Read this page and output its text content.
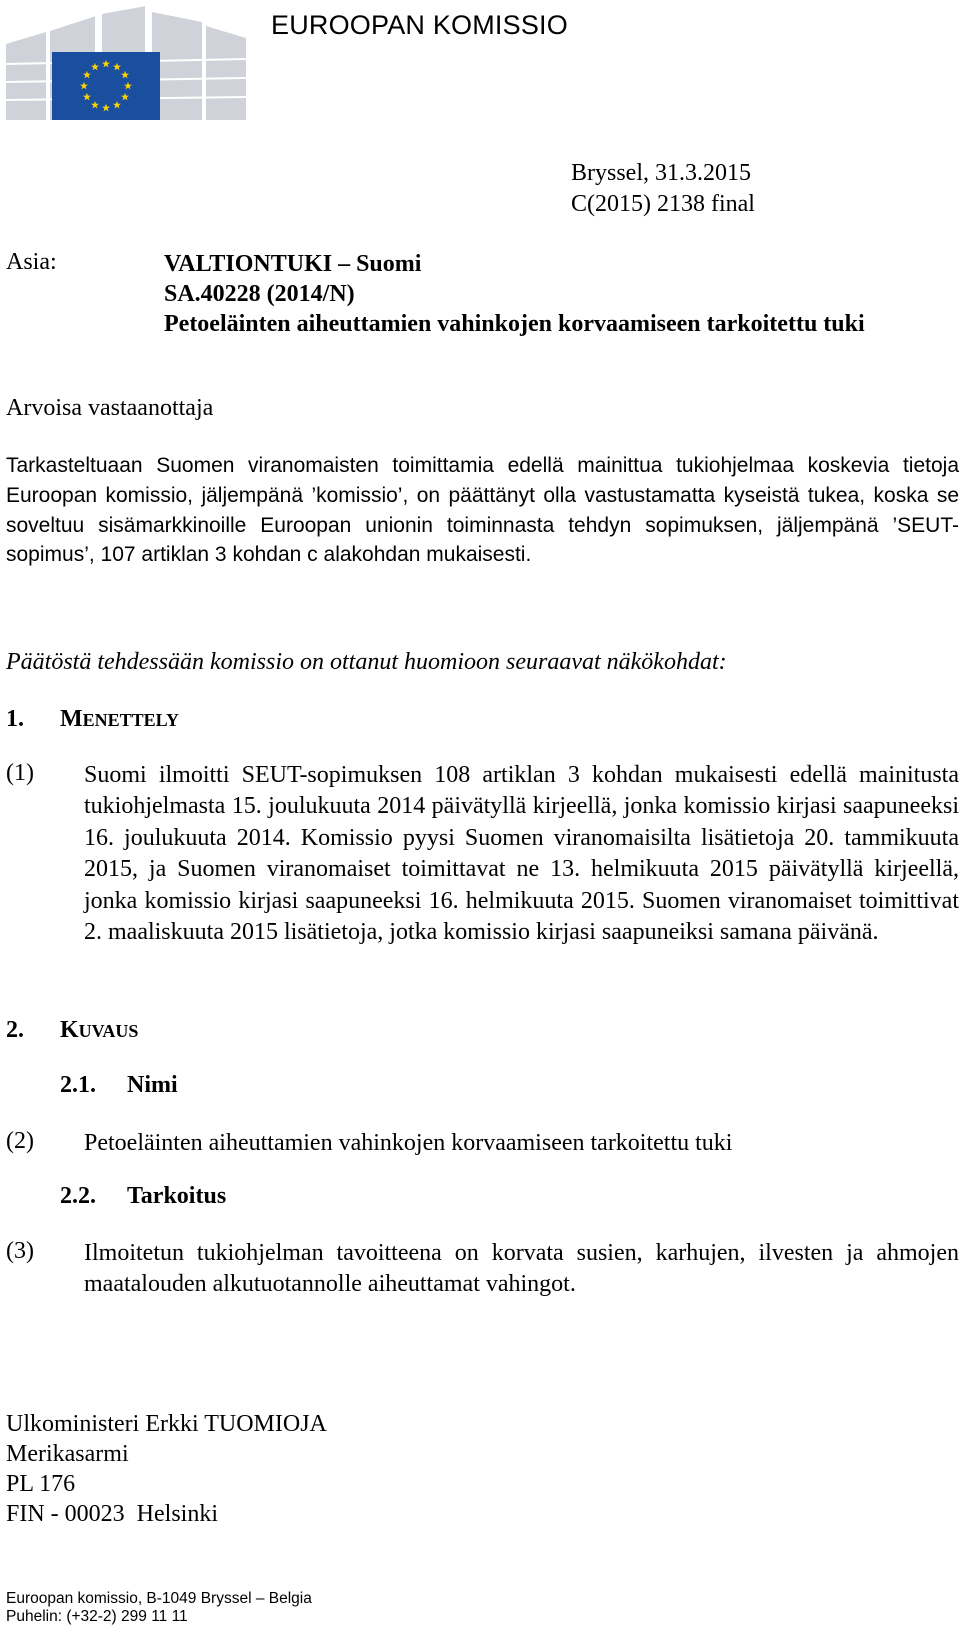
EUROOPAN KOMISSIO
Bryssel, 31.3.2015
C(2015) 2138 final
Asia:	VALTIONTUKI – Suomi
SA.40228 (2014/N)
Petoeläinten aiheuttamien vahinkojen korvaamiseen tarkoitettu tuki
Arvoisa vastaanottaja
Tarkasteltuaan Suomen viranomaisten toimittamia edellä mainittua tukiohjelmaa koskevia tietoja Euroopan komissio, jäljempänä ’komissio’, on päättänyt olla vastustamatta kyseistä tukea, koska se soveltuu sisämarkkinoille Euroopan unionin toiminnasta tehdyn sopimuksen, jäljempänä ’SEUT-sopimus’, 107 artiklan 3 kohdan c alakohdan mukaisesti.
Päätöstä tehdessään komissio on ottanut huomioon seuraavat näkökohdat:
1. MENETTELY
(1) Suomi ilmoitti SEUT-sopimuksen 108 artiklan 3 kohdan mukaisesti edellä mainitusta tukiohjelmasta 15. joulukuuta 2014 päivätyllä kirjeellä, jonka komissio kirjasi saapuneeksi 16. joulukuuta 2014. Komissio pyysi Suomen viranomaisilta lisätietoja 20. tammikuuta 2015, ja Suomen viranomaiset toimittavat ne 13. helmikuuta 2015 päivätyllä kirjeellä, jonka komissio kirjasi saapuneeksi 16. helmikuuta 2015. Suomen viranomaiset toimittivat 2. maaliskuuta 2015 lisätietoja, jotka komissio kirjasi saapuneiksi samana päivänä.
2. KUVAUS
2.1. Nimi
(2) Petoeläinten aiheuttamien vahinkojen korvaamiseen tarkoitettu tuki
2.2. Tarkoitus
(3) Ilmoitetun tukiohjelman tavoitteena on korvata susien, karhujen, ilvesten ja ahmojen maatalouden alkutuotannolle aiheuttamat vahingot.
Ulkoministeri Erkki TUOMIOJA
Merikasarmi
PL 176
FIN - 00023  Helsinki
Euroopan komissio, B-1049 Bryssel – Belgia
Puhelin: (+32-2) 299 11 11
